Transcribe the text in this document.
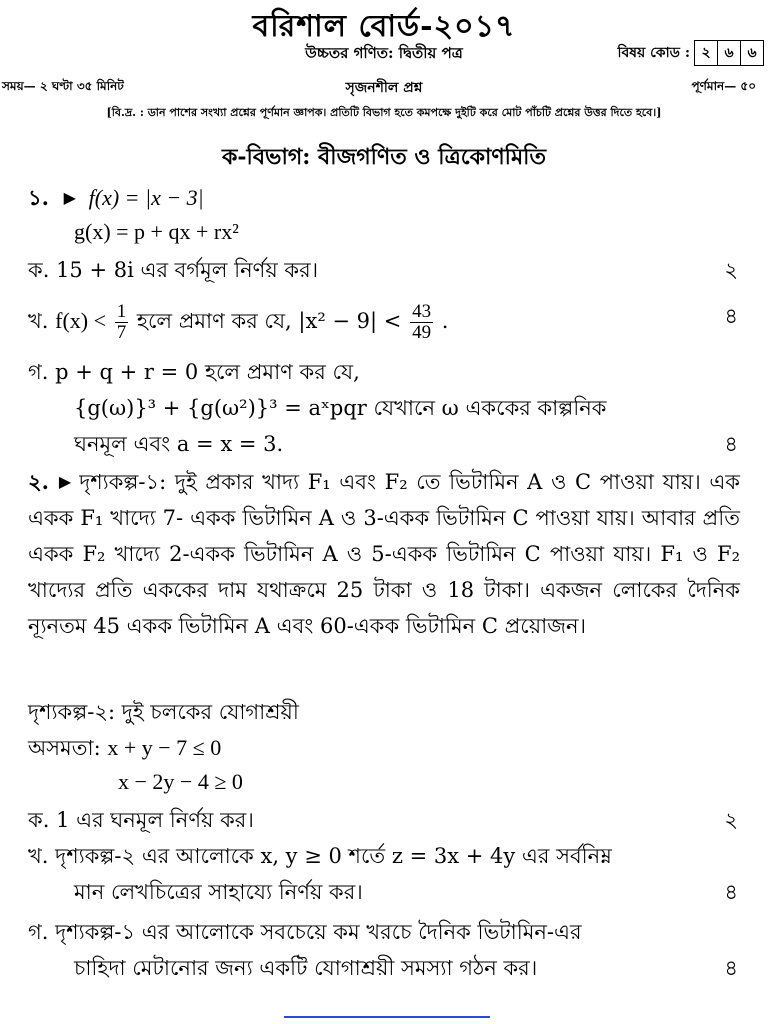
বরিশাল বোর্ড-২০১৭
উচ্চতর গণিত: দ্বিতীয় পত্র	বিষয় কোড : ২ ৬ ৬
সময়— ২ ঘণ্টা ৩৫ মিনিট	সৃজনশীল প্রশ্ন	পূর্ণমান— ৫০
[বি.দ্র. : ডান পাশের সংখ্যা প্রশ্নের পূর্ণমান জ্ঞাপক। প্রতিটি বিভাগ হতে কমপক্ষে দুইটি করে মোট পাঁচটি প্রশ্নের উত্তর দিতে হবে।]
ক-বিভাগ: বীজগণিত ও ত্রিকোণমিতি
১. ▶ f(x) = |x − 3|
g(x) = p + qx + rx²
ক. 15 + 8i এর বর্গমূল নির্ণয় কর।	২
খ. $f(x) < \frac{1}{7}$ হলে প্রমাণ কর যে, $|x^2 - 9| < \frac{43}{49}$ .	৪
গ. p + q + r = 0 হলে প্রমাণ কর যে,
{g(ω)}³ + {g(ω²)}³ = aˣpqr যেখানে ω এককের কাল্পনিক
ঘনমূল এবং a = x = 3.	৪
২. ▶ দৃশ্যকল্প-১: দুই প্রকার খাদ্য F₁ এবং F₂ তে ভিটামিন A ও C পাওয়া যায়। এক একক F₁ খাদ্যে 7- একক ভিটামিন A ও 3-একক ভিটামিন C পাওয়া যায়। আবার প্রতি একক F₂ খাদ্যে 2-একক ভিটামিন A ও 5-একক ভিটামিন C পাওয়া যায়। F₁ ও F₂ খাদ্যের প্রতি এককের দাম যথাক্রমে 25 টাকা ও 18 টাকা। একজন লোকের দৈনিক ন্যূনতম 45 একক ভিটামিন A এবং 60-একক ভিটামিন C প্রয়োজন।
দৃশ্যকল্প-২: দুই চলকের যোগাশ্রয়ী
অসমতা: x + y − 7 ≤ 0
x − 2y − 4 ≥ 0
ক. 1 এর ঘনমূল নির্ণয় কর।	২
খ. দৃশ্যকল্প-২ এর আলোকে x, y ≥ 0 শর্তে z = 3x + 4y এর সর্বনিম্ন
মান লেখচিত্রের সাহায্যে নির্ণয় কর।	৪
গ. দৃশ্যকল্প-১ এর আলোকে সবচেয়ে কম খরচে দৈনিক ভিটামিন-এর
চাহিদা মেটানোর জন্য একটি যোগাশ্রয়ী সমস্যা গঠন কর।	৪
